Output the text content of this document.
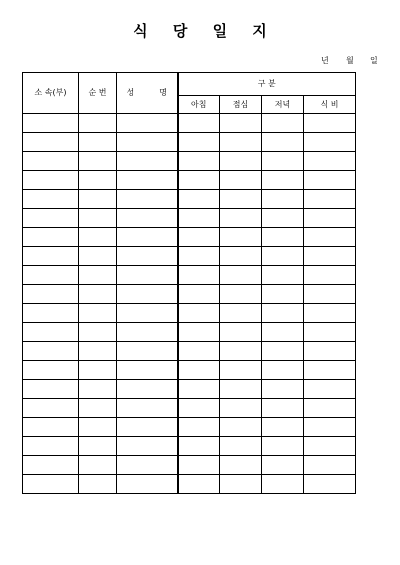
식 당 일 지
년 월 일
소 속(부)	순 번	성 명	구 분			
			아침	점심	저녁	식 비
